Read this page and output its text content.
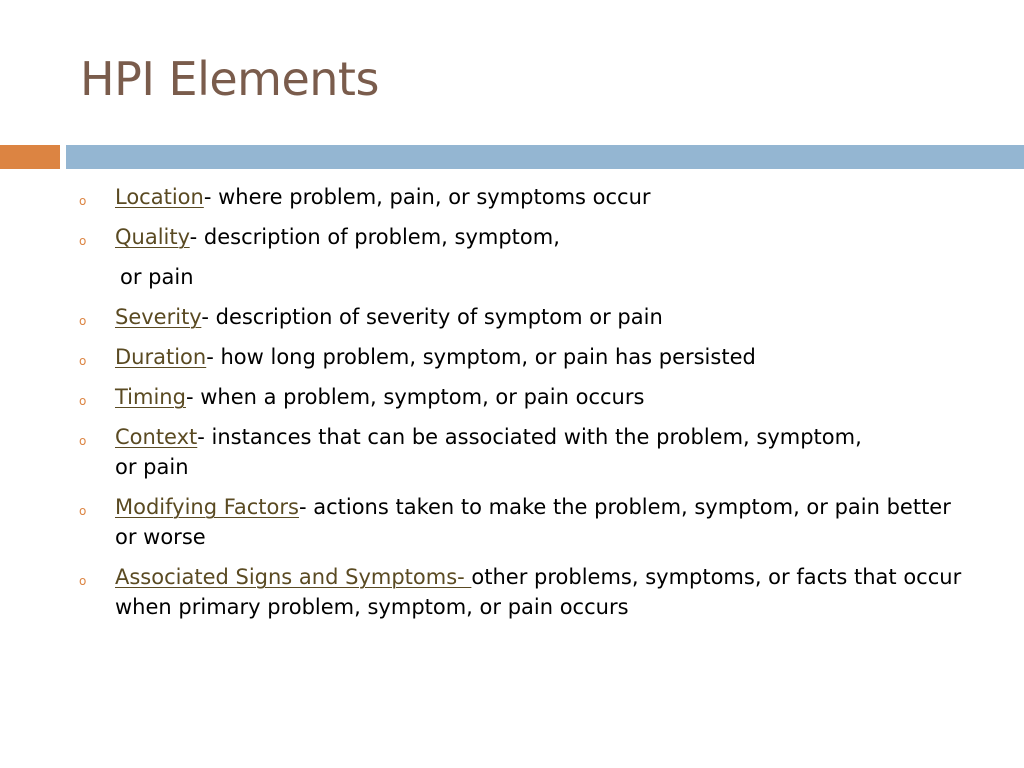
HPI Elements
o Location- where problem, pain, or symptoms occur
o Quality- description of problem, symptom,
or pain
o Severity- description of severity of symptom or pain
o Duration- how long problem, symptom, or pain has persisted
o Timing- when a problem, symptom, or pain occurs
o Context- instances that can be associated with the problem, symptom, or pain
o Modifying Factors- actions taken to make the problem, symptom, or pain better or worse
o Associated Signs and Symptoms- other problems, symptoms, or facts that occur when primary problem, symptom, or pain occurs
